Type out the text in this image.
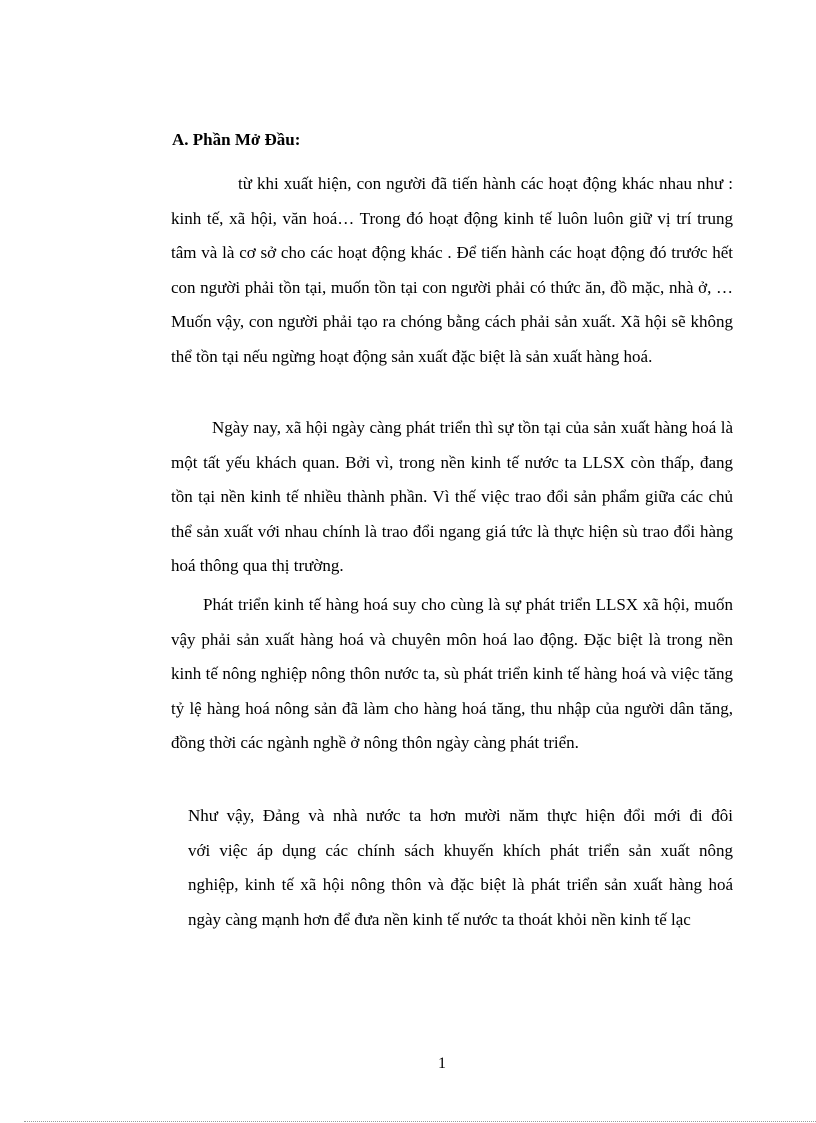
A. Phần Mở Đầu:

từ khi xuất hiện, con người đã tiến hành các hoạt động khác nhau như : kinh tế, xã hội, văn hoá… Trong đó hoạt động kinh tế luôn luôn giữ vị trí trung tâm và là cơ sở cho các hoạt động khác . Để tiến hành các hoạt động đó trước hết con người phải tồn tại, muốn tồn tại con người phải có thức ăn, đồ mặc, nhà ở, … Muốn vậy, con người phải tạo ra chóng bằng cách phải sản xuất. Xã hội sẽ không thể tồn tại nếu ngừng hoạt động sản xuất đặc biệt là sản xuất hàng hoá.

Ngày nay, xã hội ngày càng phát triển thì sự tồn tại của sản xuất hàng hoá là một tất yếu khách quan. Bởi vì, trong nền kinh tế nước ta LLSX còn thấp, đang tồn tại nền kinh tế nhiều thành phần. Vì thế việc trao đổi sản phẩm giữa các chủ thể sản xuất với nhau chính là trao đổi ngang giá tức là thực hiện sù trao đổi hàng hoá thông qua thị trường.

Phát triển kinh tế hàng hoá suy cho cùng là sự phát triển LLSX xã hội, muốn vậy phải sản xuất hàng hoá và chuyên môn hoá lao động. Đặc biệt là trong nền kinh tế nông nghiệp nông thôn nước ta, sù phát triển kinh tế hàng hoá và việc tăng tỷ lệ hàng hoá nông sản đã làm cho hàng hoá tăng, thu nhập của người dân tăng, đồng thời các ngành nghề ở nông thôn ngày càng phát triển.

Như vậy, Đảng và nhà nước ta hơn mười năm thực hiện đổi mới đi đôi
với việc áp dụng các chính sách khuyến khích phát triển sản xuất nông
nghiệp, kinh tế xã hội nông thôn và đặc biệt là phát triển sản xuất hàng hoá
ngày càng mạnh hơn để đưa nền kinh tế nước ta thoát khỏi nền kinh tế lạc

1
